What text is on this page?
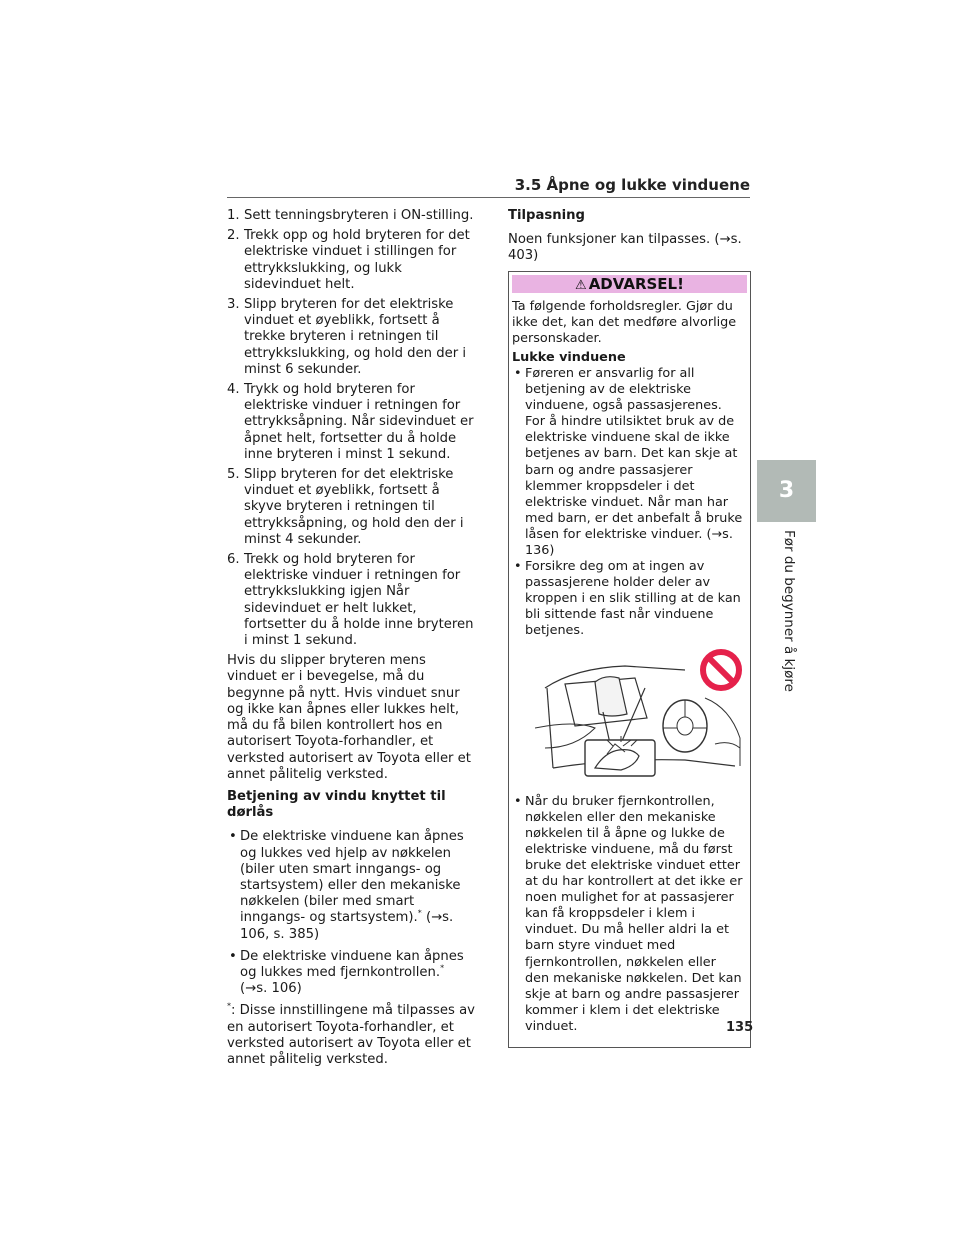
3.5 Åpne og lukke vinduene
1. Sett tenningsbryteren i ON-stilling.
2. Trekk opp og hold bryteren for det elektriske vinduet i stillingen for ettrykkslukking, og lukk sidevinduet helt.
3. Slipp bryteren for det elektriske vinduet et øyeblikk, fortsett å trekke bryteren i retningen til ettrykkslukking, og hold den der i minst 6 sekunder.
4. Trykk og hold bryteren for elektriske vinduer i retningen for ettrykksåpning. Når sidevinduet er åpnet helt, fortsetter du å holde inne bryteren i minst 1 sekund.
5. Slipp bryteren for det elektriske vinduet et øyeblikk, fortsett å skyve bryteren i retningen til ettrykksåpning, og hold den der i minst 4 sekunder.
6. Trekk og hold bryteren for elektriske vinduer i retningen for ettrykkslukking igjen Når sidevinduet er helt lukket, fortsetter du å holde inne bryteren i minst 1 sekund.

Hvis du slipper bryteren mens vinduet er i bevegelse, må du begynne på nytt. Hvis vinduet snur og ikke kan åpnes eller lukkes helt, må du få bilen kontrollert hos en autorisert Toyota-forhandler, et verksted autorisert av Toyota eller et annet pålitelig verksted.

Betjening av vindu knyttet til dørlås
• De elektriske vinduene kan åpnes og lukkes ved hjelp av nøkkelen (biler uten smart inngangs- og startsystem) eller den mekaniske nøkkelen (biler med smart inngangs- og startsystem).* (→s. 106, s. 385)
• De elektriske vinduene kan åpnes og lukkes med fjernkontrollen.*
(→s. 106)

*: Disse innstillingene må tilpasses av en autorisert Toyota-forhandler, et verksted autorisert av Toyota eller et annet pålitelig verksted.

Tilpasning

Noen funksjoner kan tilpasses. (→s. 403)

⚠ ADVARSEL!

Ta følgende forholdsregler. Gjør du ikke det, kan det medføre alvorlige personskader.

Lukke vinduene
• Føreren er ansvarlig for all betjening av de elektriske vinduene, også passasjerenes. For å hindre utilsiktet bruk av de elektriske vinduene skal de ikke betjenes av barn. Det kan skje at barn og andre passasjerer klemmer kroppsdeler i det elektriske vinduet. Når man har med barn, er det anbefalt å bruke låsen for elektriske vinduer. (→s. 136)
• Forsikre deg om at ingen av passasjerene holder deler av kroppen i en slik stilling at de kan bli sittende fast når vinduene betjenes.
• Når du bruker fjernkontrollen, nøkkelen eller den mekaniske nøkkelen til å åpne og lukke de elektriske vinduene, må du først bruke det elektriske vinduet etter at du har kontrollert at det ikke er noen mulighet for at passasjerer kan få kroppsdeler i klem i vinduet. Du må heller aldri la et barn styre vinduet med fjernkontrollen, nøkkelen eller den mekaniske nøkkelen. Det kan skje at barn og andre passasjerer kommer i klem i det elektriske vinduet.
3
Før du begynner å kjøre
135
